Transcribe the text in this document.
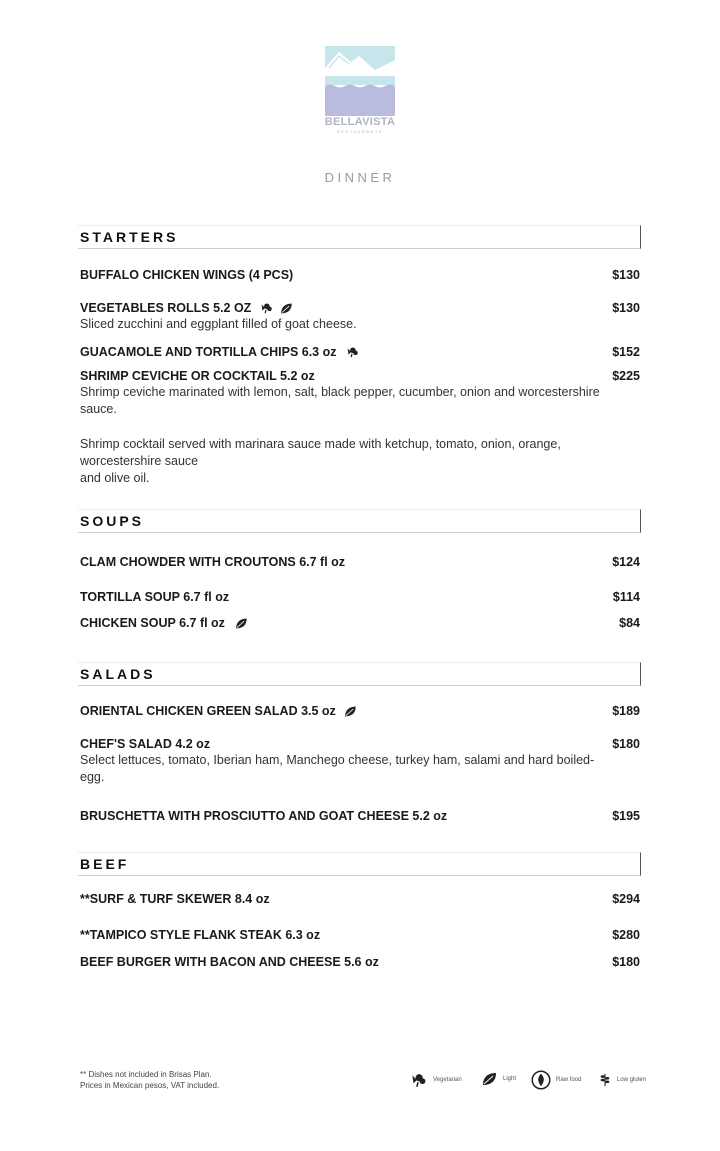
BELLAVISTA
RESTAURANTE
DINNER
STARTERS
BUFFALO CHICKEN WINGS (4 PCS)	$130
VEGETABLES ROLLS 5.2 OZ	$130
Sliced zucchini and eggplant filled of goat cheese.
GUACAMOLE AND TORTILLA CHIPS 6.3 oz	$152
SHRIMP CEVICHE OR COCKTAIL 5.2 oz	$225
Shrimp ceviche marinated with lemon, salt, black pepper, cucumber, onion and worcestershire sauce.
Shrimp cocktail served with marinara sauce made with ketchup, tomato, onion, orange, worcestershire sauce
and olive oil.
SOUPS
CLAM CHOWDER WITH CROUTONS 6.7 fl oz	$124
TORTILLA SOUP 6.7 fl oz	$114
CHICKEN SOUP 6.7 fl oz	$84
SALADS
ORIENTAL CHICKEN GREEN SALAD 3.5 oz	$189
CHEF'S SALAD 4.2 oz	$180
Select lettuces, tomato, Iberian ham, Manchego cheese, turkey ham, salami and hard boiled-egg.
BRUSCHETTA WITH PROSCIUTTO AND GOAT CHEESE 5.2 oz	$195
BEEF
**SURF & TURF SKEWER 8.4 oz	$294
**TAMPICO STYLE FLANK STEAK 6.3 oz	$280
BEEF BURGER WITH BACON AND CHEESE 5.6 oz	$180
** Dishes not included in Brisas Plan.
Prices in Mexican pesos, VAT included.
Vegetarian	Light	Raw food	Low gluten
